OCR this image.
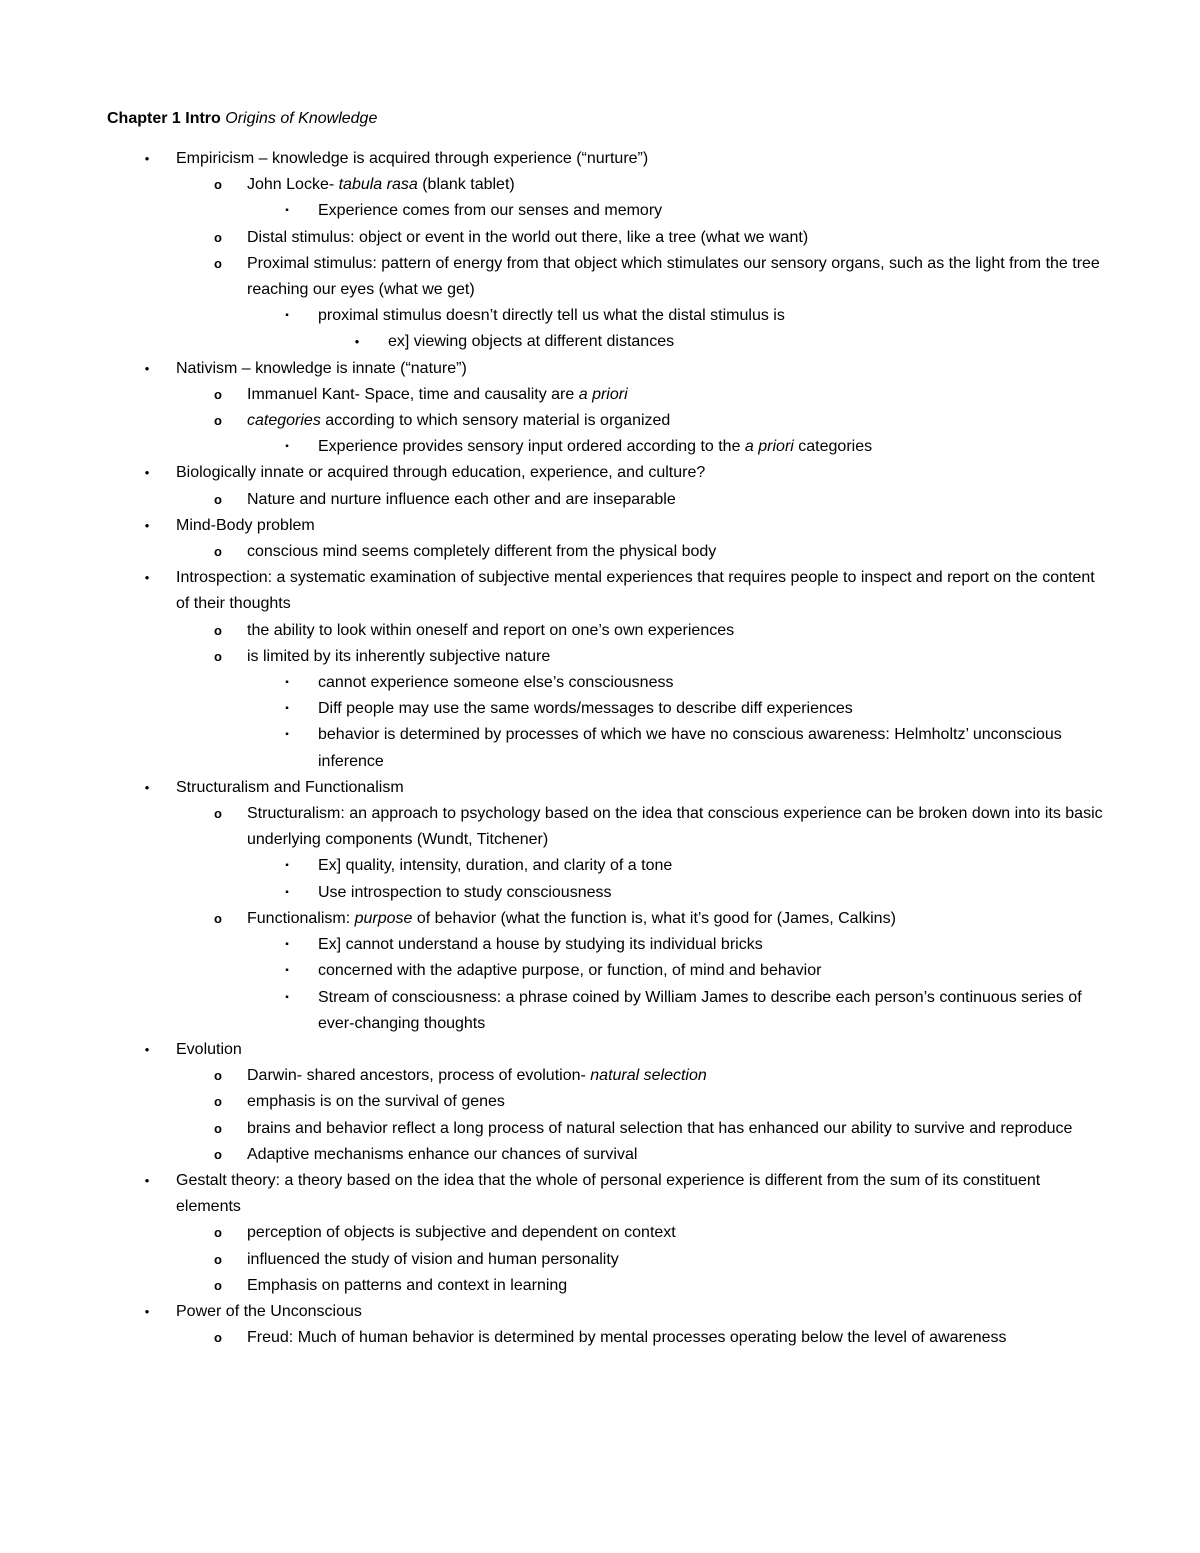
Chapter 1 Intro Origins of Knowledge
• Empiricism – knowledge is acquired through experience (“nurture”)
o John Locke- tabula rasa (blank tablet)
▪ Experience comes from our senses and memory
o Distal stimulus: object or event in the world out there, like a tree (what we want)
o Proximal stimulus: pattern of energy from that object which stimulates our sensory organs, such as the light from the tree reaching our eyes (what we get)
▪ proximal stimulus doesn’t directly tell us what the distal stimulus is
• ex] viewing objects at different distances
• Nativism – knowledge is innate (“nature”)
o Immanuel Kant- Space, time and causality are a priori
o categories according to which sensory material is organized
▪ Experience provides sensory input ordered according to the a priori categories
• Biologically innate or acquired through education, experience, and culture?
o Nature and nurture influence each other and are inseparable
• Mind-Body problem
o conscious mind seems completely different from the physical body
• Introspection: a systematic examination of subjective mental experiences that requires people to inspect and report on the content of their thoughts
o the ability to look within oneself and report on one’s own experiences
o is limited by its inherently subjective nature
▪ cannot experience someone else’s consciousness
▪ Diff people may use the same words/messages to describe diff experiences
▪ behavior is determined by processes of which we have no conscious awareness: Helmholtz’ unconscious inference
• Structuralism and Functionalism
o Structuralism: an approach to psychology based on the idea that conscious experience can be broken down into its basic underlying components (Wundt, Titchener)
▪ Ex] quality, intensity, duration, and clarity of a tone
▪ Use introspection to study consciousness
o Functionalism: purpose of behavior (what the function is, what it’s good for (James, Calkins)
▪ Ex] cannot understand a house by studying its individual bricks
▪ concerned with the adaptive purpose, or function, of mind and behavior
▪ Stream of consciousness: a phrase coined by William James to describe each person’s continuous series of ever-changing thoughts
• Evolution
o Darwin- shared ancestors, process of evolution- natural selection
o emphasis is on the survival of genes
o brains and behavior reflect a long process of natural selection that has enhanced our ability to survive and reproduce
o Adaptive mechanisms enhance our chances of survival
• Gestalt theory: a theory based on the idea that the whole of personal experience is different from the sum of its constituent elements
o perception of objects is subjective and dependent on context
o influenced the study of vision and human personality
o Emphasis on patterns and context in learning
• Power of the Unconscious
o Freud: Much of human behavior is determined by mental processes operating below the level of awareness
